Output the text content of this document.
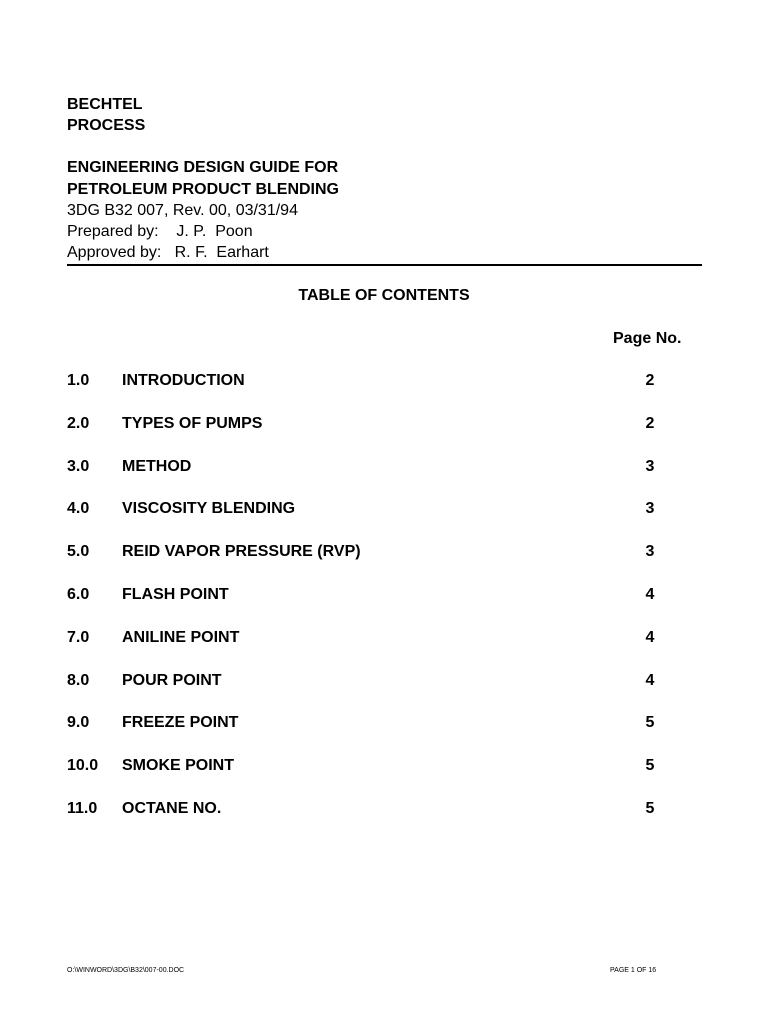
BECHTEL
PROCESS
ENGINEERING DESIGN GUIDE FOR
PETROLEUM PRODUCT BLENDING
3DG B32 007, Rev. 00, 03/31/94
Prepared by:    J. P.  Poon
Approved by:   R. F.  Earhart
TABLE OF CONTENTS
Page No.
1.0 INTRODUCTION	2
2.0 TYPES OF PUMPS	2
3.0 METHOD	3
4.0 VISCOSITY BLENDING	3
5.0 REID VAPOR PRESSURE (RVP)	3
6.0 FLASH POINT	4
7.0 ANILINE POINT	4
8.0 POUR POINT	4
9.0 FREEZE POINT	5
10.0 SMOKE POINT	5
11.0 OCTANE NO.	5
O:\WINWORD\3DG\B32\007-00.DOC	PAGE 1 OF 16
